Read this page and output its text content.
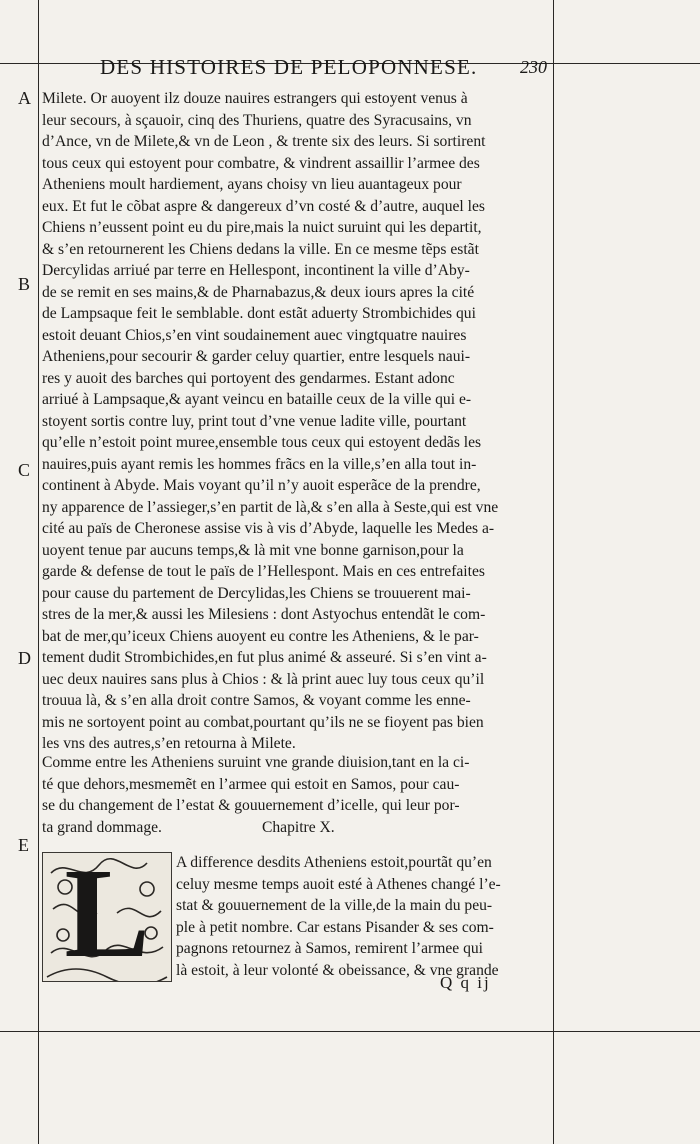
DES HISTOIRES DE PELOPONNESE.	230
A
B
C
D
E
Milete. Or auoyent ilz douze nauires estrangers qui estoyent venus à
leur secours, à sçauoir, cinq des Thuriens, quatre des Syracusains, vn
d’Ance, vn de Milete,& vn de Leon , & trente six des leurs. Si sortirent
tous ceux qui estoyent pour combatre, & vindrent assaillir l’armee des
Atheniens moult hardiement, ayans choisy vn lieu auantageux pour
eux. Et fut le cõbat aspre & dangereux d’vn costé & d’autre, auquel les
Chiens n’eussent point eu du pire,mais la nuict suruint qui les departit,
& s’en retournerent les Chiens dedans la ville. En ce mesme tẽps estãt
Dercylidas arriué par terre en Hellespont, incontinent la ville d’Aby-
de se remit en ses mains,& de Pharnabazus,& deux iours apres la cité
de Lampsaque feit le semblable. dont estãt aduerty Strombichides qui
estoit deuant Chios,s’en vint soudainement auec vingtquatre nauires
Atheniens,pour secourir & garder celuy quartier, entre lesquels naui-
res y auoit des barches qui portoyent des gendarmes. Estant adonc
arriué à Lampsaque,& ayant veincu en bataille ceux de la ville qui e-
stoyent sortis contre luy, print tout d’vne venue ladite ville, pourtant
qu’elle n’estoit point muree,ensemble tous ceux qui estoyent dedãs les
nauires,puis ayant remis les hommes frãcs en la ville,s’en alla tout in-
continent à Abyde. Mais voyant qu’il n’y auoit esperãce de la prendre,
ny apparence de l’assieger,s’en partit de là,& s’en alla à Seste,qui est vne
cité au païs de Cheronese assise vis à vis d’Abyde, laquelle les Medes a-
uoyent tenue par aucuns temps,& là mit vne bonne garnison,pour la
garde & defense de tout le païs de l’Hellespont. Mais en ces entrefaites
pour cause du partement de Dercylidas,les Chiens se trouuerent mai-
stres de la mer,& aussi les Milesiens : dont Astyochus entendãt le com-
bat de mer,qu’iceux Chiens auoyent eu contre les Atheniens, & le par-
tement dudit Strombichides,en fut plus animé & asseuré. Si s’en vint a-
uec deux nauires sans plus à Chios : & là print auec luy tous ceux qu’il
trouua là, & s’en alla droit contre Samos, & voyant comme les enne-
mis ne sortoyent point au combat,pourtant qu’ils ne se fioyent pas bien
les vns des autres,s’en retourna à Milete.
Comme entre les Atheniens suruint vne grande diuision,tant en la ci-
té que dehors,mesmemẽt en l’armee qui estoit en Samos, pour cau-
se du changement de l’estat & gouuernement d’icelle, qui leur por-
ta grand dommage.	Chapitre X.
L	A difference desdits Atheniens estoit,pourtãt qu’en
celuy mesme temps auoit esté à Athenes changé l’e-
stat & gouuernement de la ville,de la main du peu-
ple à petit nombre. Car estans Pisander & ses com-
pagnons retournez à Samos, remirent l’armee qui
là estoit, à leur volonté & obeissance, & vne grande
Q q ij
